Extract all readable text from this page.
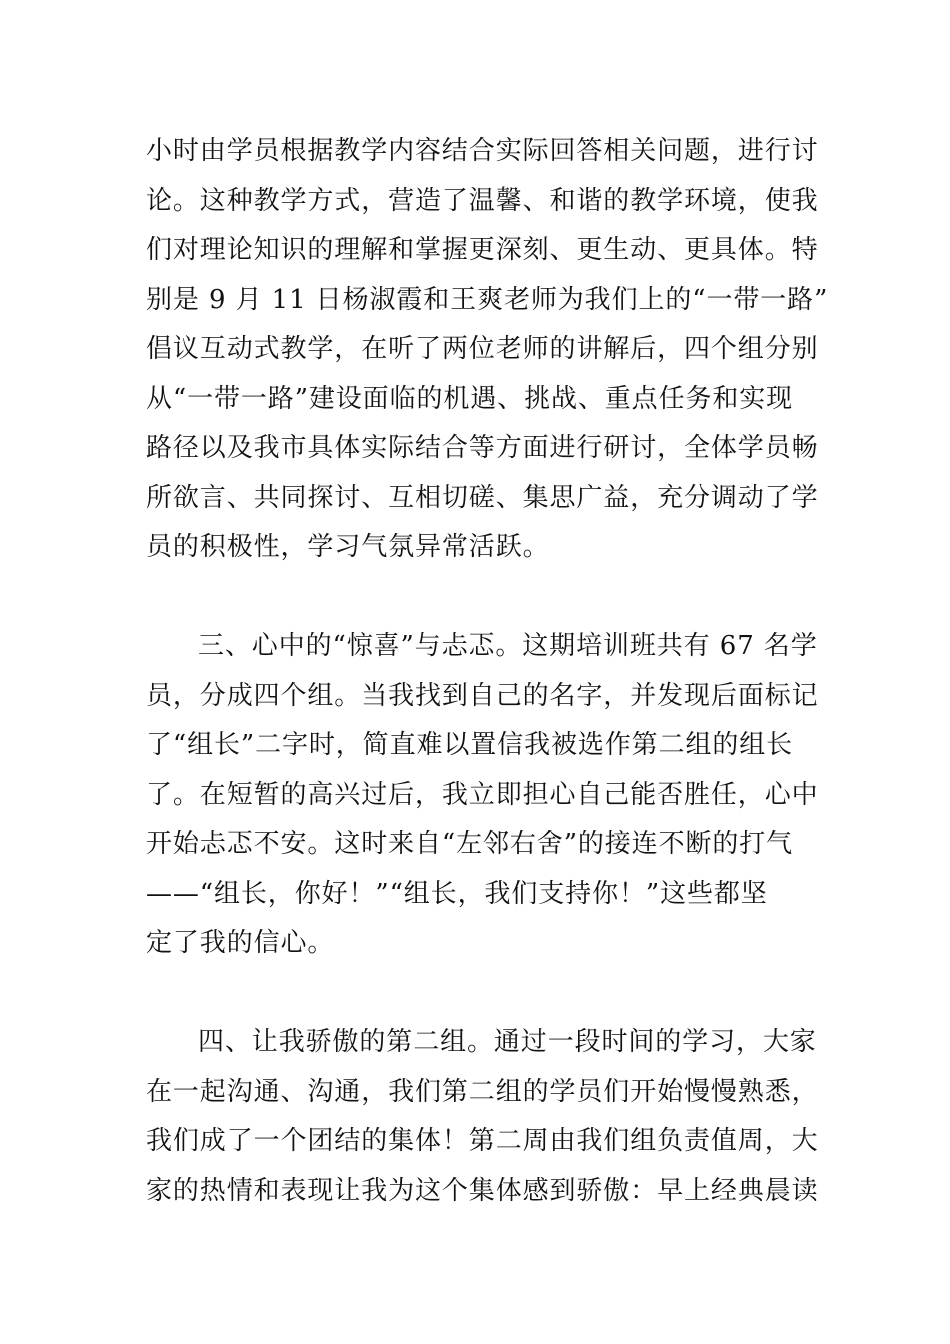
小时由学员根据教学内容结合实际回答相关问题，进行讨
论。这种教学方式，营造了温馨、和谐的教学环境，使我
们对理论知识的理解和掌握更深刻、更生动、更具体。特
别是 9 月 11 日杨淑霞和王爽老师为我们上的“一带一路”
倡议互动式教学，在听了两位老师的讲解后，四个组分别
从“一带一路”建设面临的机遇、挑战、重点任务和实现
路径以及我市具体实际结合等方面进行研讨，全体学员畅
所欲言、共同探讨、互相切磋、集思广益，充分调动了学
员的积极性，学习气氛异常活跃。
三、心中的“惊喜”与忐忑。这期培训班共有 67 名学
员，分成四个组。当我找到自己的名字，并发现后面标记
了“组长”二字时，简直难以置信我被选作第二组的组长
了。在短暂的高兴过后，我立即担心自己能否胜任，心中
开始忐忑不安。这时来自“左邻右舍”的接连不断的打气
——“组长，你好！”“组长，我们支持你！”这些都坚
定了我的信心。
四、让我骄傲的第二组。通过一段时间的学习，大家
在一起沟通、沟通，我们第二组的学员们开始慢慢熟悉，
我们成了一个团结的集体！第二周由我们组负责值周，大
家的热情和表现让我为这个集体感到骄傲：早上经典晨读
